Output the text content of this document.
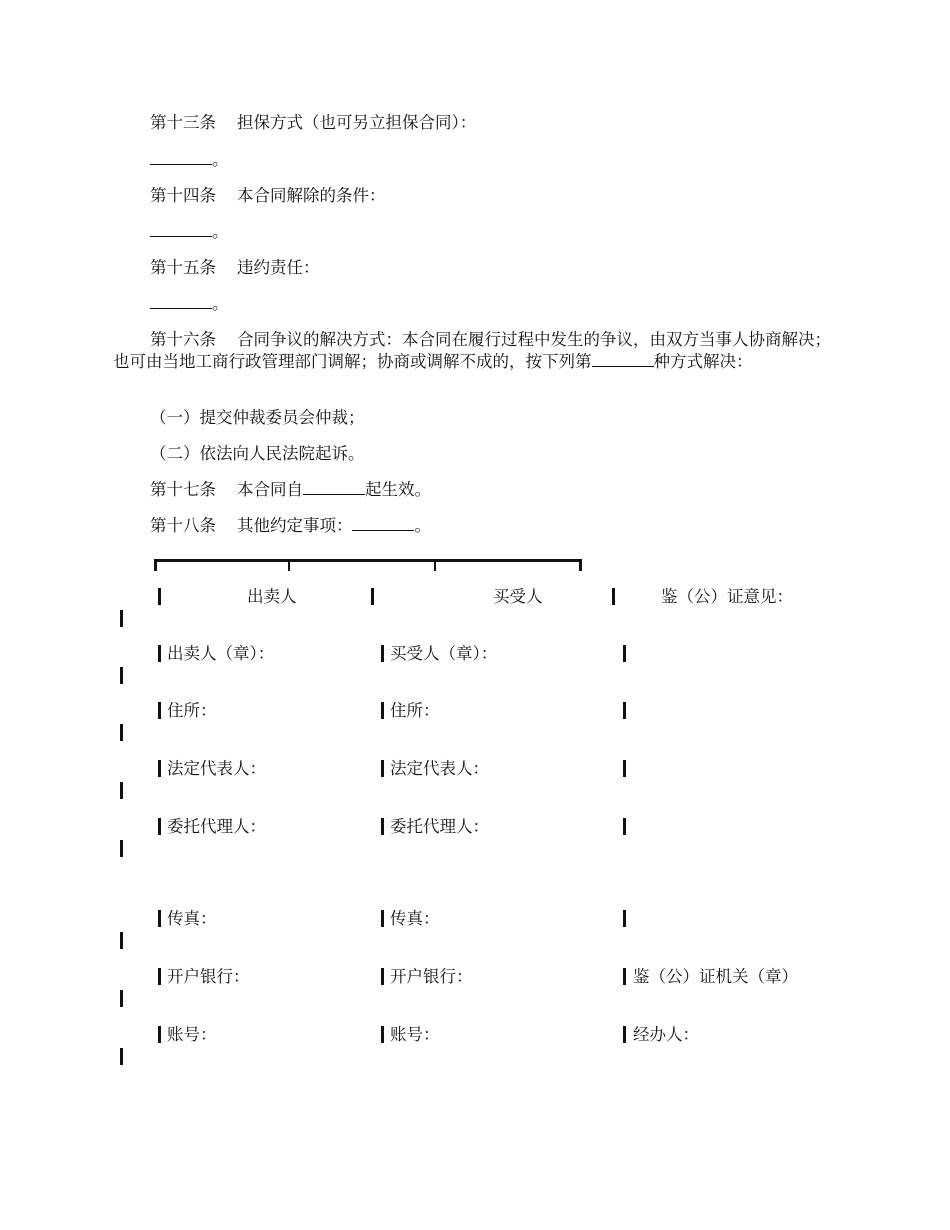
第十三条 担保方式（也可另立担保合同）：
。
第十四条 本合同解除的条件：
。
第十五条 违约责任：
。
第十六条 合同争议的解决方式：本合同在履行过程中发生的争议，由双方当事人协商解决；也可由当地工商行政管理部门调解；协商或调解不成的，按下列第	种方式解决：
（一）提交仲裁委员会仲裁；
（二）依法向人民法院起诉。
第十七条 本合同自	起生效。
第十八条 其他约定事项：	。
出卖人	买受人	鉴（公）证意见：
出卖人（章）：	买受人（章）：
住所：	住所：
法定代表人：	法定代表人：
委托代理人：	委托代理人：
传真：	传真：
开户银行：	开户银行：	鉴（公）证机关（章）
账号：	账号：	经办人：
